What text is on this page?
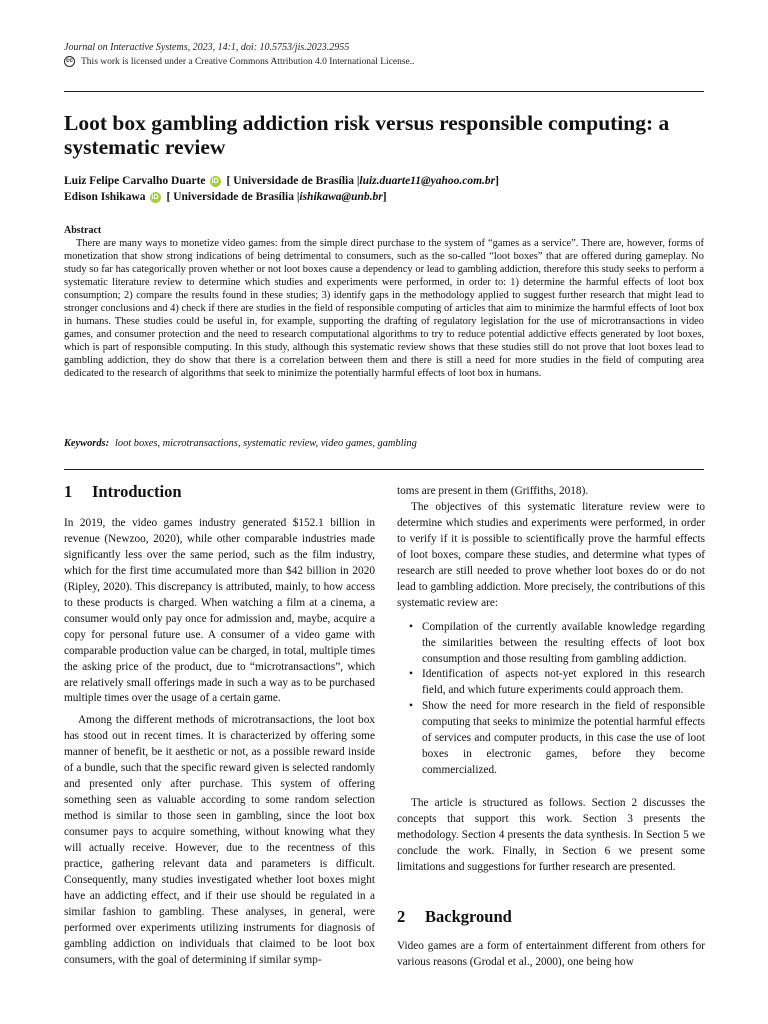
Journal on Interactive Systems, 2023, 14:1, doi: 10.5753/jis.2023.2955
cc This work is licensed under a Creative Commons Attribution 4.0 International License..
Loot box gambling addiction risk versus responsible computing: a systematic review
Luiz Felipe Carvalho Duarte iD [ Universidade de Brasília | luiz.duarte11@yahoo.com.br ]
Edison Ishikawa iD [ Universidade de Brasília | ishikawa@unb.br ]
Abstract
There are many ways to monetize video games: from the simple direct purchase to the system of “games as a service”. There are, however, forms of monetization that show strong indications of being detrimental to consumers, such as the so-called “loot boxes” that are offered during gameplay. No study so far has categorically proven whether or not loot boxes cause a dependency or lead to gambling addiction, therefore this study seeks to perform a systematic literature review to determine which studies and experiments were performed, in order to: 1) determine the harmful effects of loot box consumption; 2) compare the results found in these studies; 3) identify gaps in the methodology applied to suggest further research that might lead to stronger conclusions and 4) check if there are studies in the field of responsible computing of articles that aim to minimize the harmful effects of loot box in humans. These studies could be useful in, for example, supporting the drafting of regulatory legislation for the use of microtransactions in video games, and consumer protection and the need to research computational algorithms to try to reduce potential addictive effects generated by loot boxes, which is part of responsible computing. In this study, although this systematic review shows that these studies still do not prove that loot boxes lead to gambling addiction, they do show that there is a correlation between them and there is still a need for more studies in the field of computing area dedicated to the research of algorithms that seek to minimize the potentially harmful effects of loot box in humans.
Keywords: loot boxes, microtransactions, systematic review, video games, gambling
1 Introduction

In 2019, the video games industry generated $152.1 billion in revenue (Newzoo, 2020), while other comparable industries made significantly less over the same period, such as the film industry, which for the first time accumulated more than $42 billion in 2020 (Ripley, 2020). This discrepancy is attributed, mainly, to how access to these products is charged. When watching a film at a cinema, a consumer would only pay once for admission and, maybe, acquire a copy for personal future use. A consumer of a video game with comparable production value can be charged, in total, multiple times the asking price of the product, due to “microtransactions”, which are relatively small offerings made in such a way as to be purchased multiple times over the usage of a certain game.

Among the different methods of microtransactions, the loot box has stood out in recent times. It is characterized by offering some manner of benefit, be it aesthetic or not, as a possible reward inside of a bundle, such that the specific reward given is selected randomly and presented only after purchase. This system of offering something seen as valuable according to some random selection method is similar to those seen in gambling, since the loot box consumer pays to acquire something, without knowing what they will actually receive. However, due to the recentness of this practice, gathering relevant data and parameters is difficult. Consequently, many studies investigated whether loot boxes might have an addicting effect, and if their use should be regulated in a similar fashion to gambling. These analyses, in general, were performed over experiments utilizing instruments for diagnosis of gambling addiction on individuals that claimed to be loot box consumers, with the goal of determining if similar symp-

toms are present in them (Griffiths, 2018).

The objectives of this systematic literature review were to determine which studies and experiments were performed, in order to verify if it is possible to scientifically prove the harmful effects of loot boxes, compare these studies, and determine what types of research are still needed to prove whether loot boxes do or do not lead to gambling addiction. More precisely, the contributions of this systematic review are:

• Compilation of the currently available knowledge regarding the similarities between the resulting effects of loot box consumption and those resulting from gambling addiction.
• Identification of aspects not-yet explored in this research field, and which future experiments could approach them.
• Show the need for more research in the field of responsible computing that seeks to minimize the potential harmful effects of services and computer products, in this case the use of loot boxes in electronic games, before they become commercialized.

The article is structured as follows. Section 2 discusses the concepts that support this work. Section 3 presents the methodology. Section 4 presents the data synthesis. In Section 5 we conclude the work. Finally, in Section 6 we present some limitations and suggestions for further research are presented.

2 Background

Video games are a form of entertainment different from others for various reasons (Grodal et al., 2000), one being how
